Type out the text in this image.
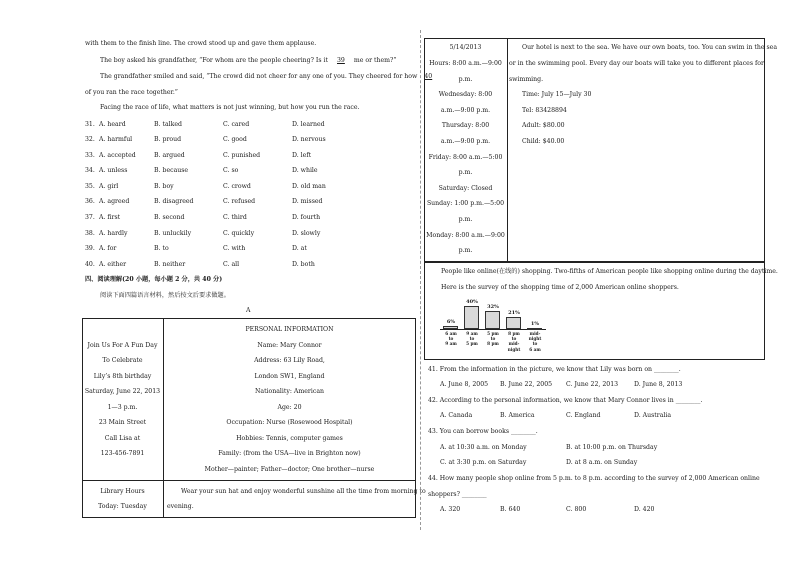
with them to the finish line. The crowd stood up and gave them applause.
The boy asked his grandfather, “For whom are the people cheering? Is it 39 me or them?”
The grandfather smiled and said, “The crowd did not cheer for any one of you. They cheered for how 40
of you ran the race together.”
Facing the race of life, what matters is not just winning, but how you run the race.
31. A. heard	B. talked	C. cared	D. learned
32. A. harmful	B. proud	C. good	D. nervous
33. A. accepted	B. argued	C. punished	D. left
34. A. unless	B. because	C. so	D. while
35. A. girl	B. boy	C. crowd	D. old man
36. A. agreed	B. disagreed	C. refused	D. missed
37. A. first	B. second	C. third	D. fourth
38. A. hardly	B. unluckily	C. quickly	D. slowly
39. A. for	B. to	C. with	D. at
40. A. either	B. neither	C. all	D. both
四、阅读理解(20 小题，每小题 2 分，共 40 分)
阅读下面四篇语言材料，然后按文后要求做题。
A
Join Us For A Fun Day
To Celebrate
Lily’s 8th birthday
Saturday, June 22, 2013
1—3 p.m.
23 Main Street
Call Lisa at
123-456-7891
PERSONAL INFORMATION
Name: Mary Connor
Address: 63 Lily Road,
London SW1, England
Nationality: American
Age: 20
Occupation: Nurse (Rosewood Hospital)
Hobbies: Tennis, computer games
Family: (from the USA—live in Brighton now)
Mother—painter; Father—doctor; One brother—nurse
Library Hours
Today: Tuesday
Wear your sun hat and enjoy wonderful sunshine all the time from morning to
evening.
5/14/2013
Hours: 8:00 a.m.—9:00
p.m.
Wednesday: 8:00
a.m.—9:00 p.m.
Thursday: 8:00
a.m.—9:00 p.m.
Friday: 8:00 a.m.—5:00
p.m.
Saturday: Closed
Sunday: 1:00 p.m.—5:00
p.m.
Monday: 8:00 a.m.—9:00
p.m.
Our hotel is next to the sea. We have our own boats, too. You can swim in the sea
or in the swimming pool. Every day our boats will take you to different places for
swimming.
Time: July 15—July 30
Tel: 83428894
Adult: $80.00
Child: $40.00
People like online(在线的) shopping. Two-fifths of American people like shopping online during the daytime.
Here is the survey of the shopping time of 2,000 American online shoppers.
6%
6 am
to
9 am
40%
9 am
to
5 pm
32%
5 pm
to
8 pm
21%
8 pm
to
mid-
night
1%
mid-
night
to
6 am
41. From the information in the picture, we know that Lily was born on ________.
A. June 8, 2005 B. June 22, 2005 C. June 22, 2013	D. June 8, 2013
42. According to the personal information, we know that Mary Connor lives in ________.
A. Canada	B. America	C. England	D. Australia
43. You can borrow books ________.
A. at 10:30 a.m. on Monday	B. at 10:00 p.m. on Thursday
C. at 3:30 p.m. on Saturday	D. at 8 a.m. on Sunday
44. How many people shop online from 5 p.m. to 8 p.m. according to the survey of 2,000 American online
shoppers? ________
A. 320	B. 640	C. 800	D. 420
